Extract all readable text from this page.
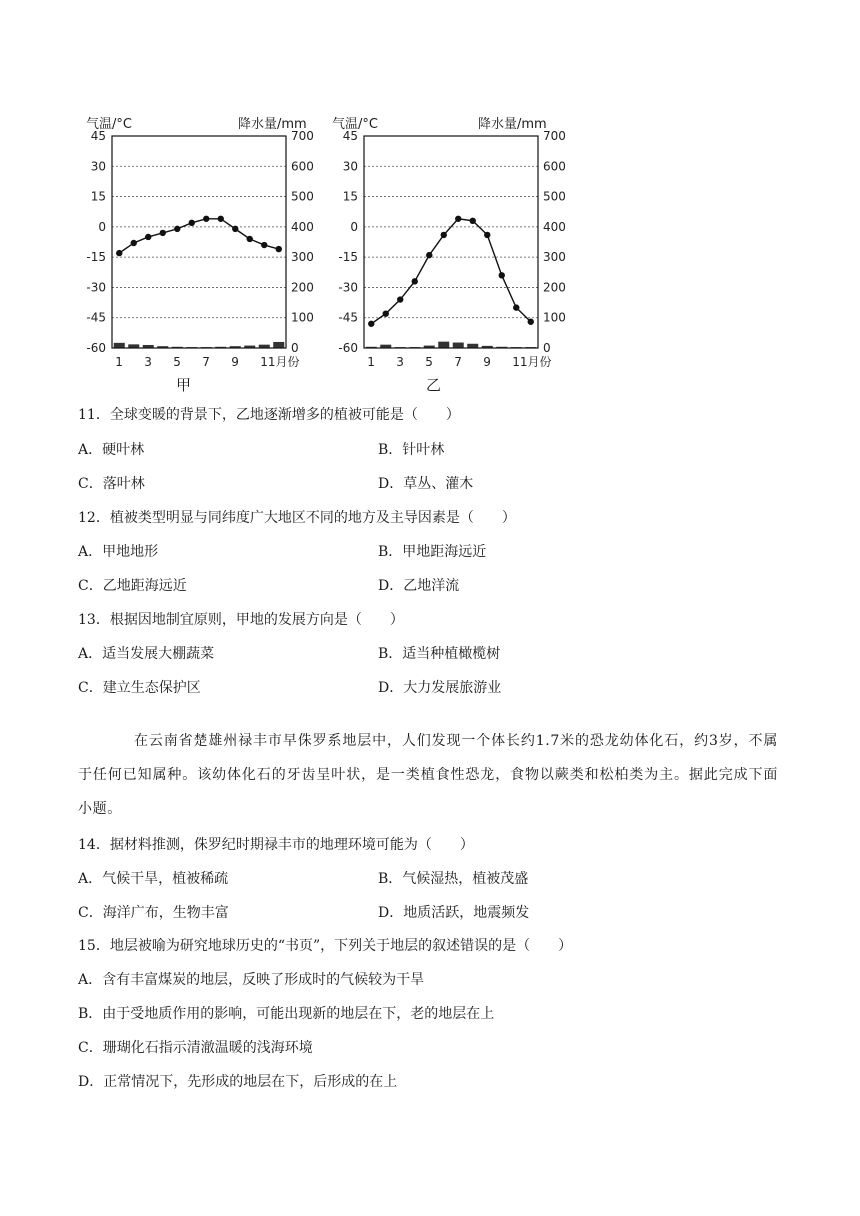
气温/°C	降水量/mm
45	700
30	600
15	500
0	400
-15	300
-30	200
-45	100
-60	0
1 3 5 7 9 11月份
甲
气温/°C	降水量/mm
45	700
30	600
15	500
0	400
-15	300
-30	200
-45	100
-60	0
1 3 5 7 9 11月份
乙
11．全球变暖的背景下，乙地逐渐增多的植被可能是（　　）
A．硬叶林	B．针叶林
C．落叶林	D．草丛、灌木
12．植被类型明显与同纬度广大地区不同的地方及主导因素是（　　）
A．甲地地形	B．甲地距海远近
C．乙地距海远近	D．乙地洋流
13．根据因地制宜原则，甲地的发展方向是（　　）
A．适当发展大棚蔬菜	B．适当种植橄榄树
C．建立生态保护区	D．大力发展旅游业
在云南省楚雄州禄丰市早侏罗系地层中，人们发现一个体长约1.7米的恐龙幼体化石，约3岁，不属于任何已知属种。该幼体化石的牙齿呈叶状，是一类植食性恐龙，食物以蕨类和松柏类为主。据此完成下面小题。
14．据材料推测，侏罗纪时期禄丰市的地理环境可能为（　　）
A．气候干旱，植被稀疏	B．气候湿热，植被茂盛
C．海洋广布，生物丰富	D．地质活跃，地震频发
15．地层被喻为研究地球历史的“书页”，下列关于地层的叙述错误的是（　　）
A．含有丰富煤炭的地层，反映了形成时的气候较为干旱
B．由于受地质作用的影响，可能出现新的地层在下，老的地层在上
C．珊瑚化石指示清澈温暖的浅海环境
D．正常情况下，先形成的地层在下，后形成的在上
